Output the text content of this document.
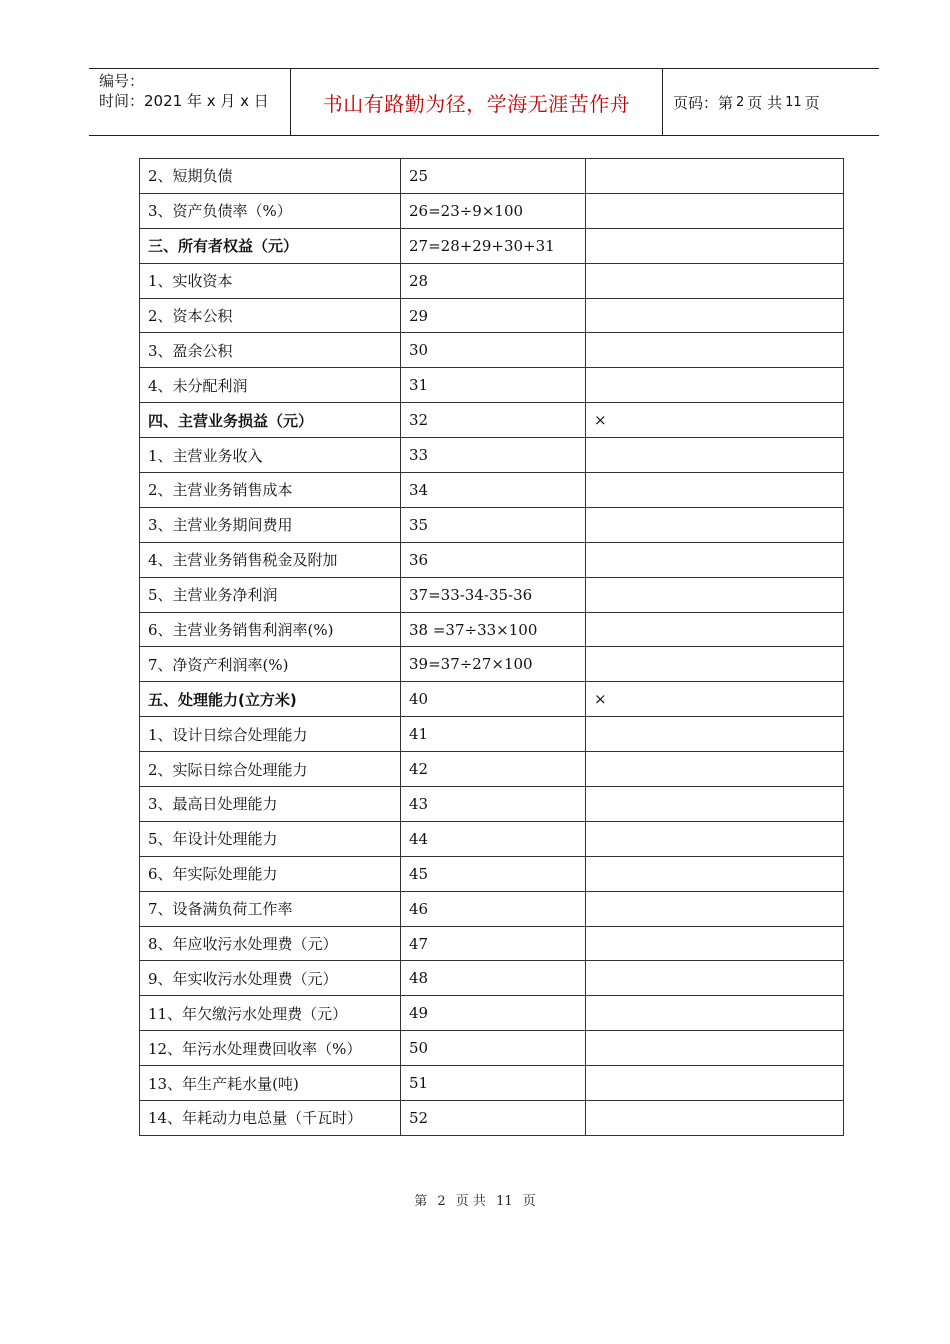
编号：
时间：2021 年 x 月 x 日	书山有路勤为径，学海无涯苦作舟	页码：第 2 页 共 11 页
2、短期负债	25	
3、资产负债率（%）	26=23÷9×100	
三、所有者权益（元）	27=28+29+30+31	
1、实收资本	28	
2、资本公积	29	
3、盈余公积	30	
4、未分配利润	31	
四、主营业务损益（元）	32	×
1、主营业务收入	33	
2、主营业务销售成本	34	
3、主营业务期间费用	35	
4、主营业务销售税金及附加	36	
5、主营业务净利润	37=33-34-35-36	
6、主营业务销售利润率(%)	38 =37÷33×100	
7、净资产利润率(%)	39=37÷27×100	
五、处理能力(立方米)	40	×
1、设计日综合处理能力	41	
2、实际日综合处理能力	42	
3、最高日处理能力	43	
5、年设计处理能力	44	
6、年实际处理能力	45	
7、设备满负荷工作率	46	
8、年应收污水处理费（元）	47	
9、年实收污水处理费（元）	48	
11、年欠缴污水处理费（元）	49	
12、年污水处理费回收率（%）	50	
13、年生产耗水量(吨)	51	
14、年耗动力电总量（千瓦时）	52	
第 2 页 共 11 页
